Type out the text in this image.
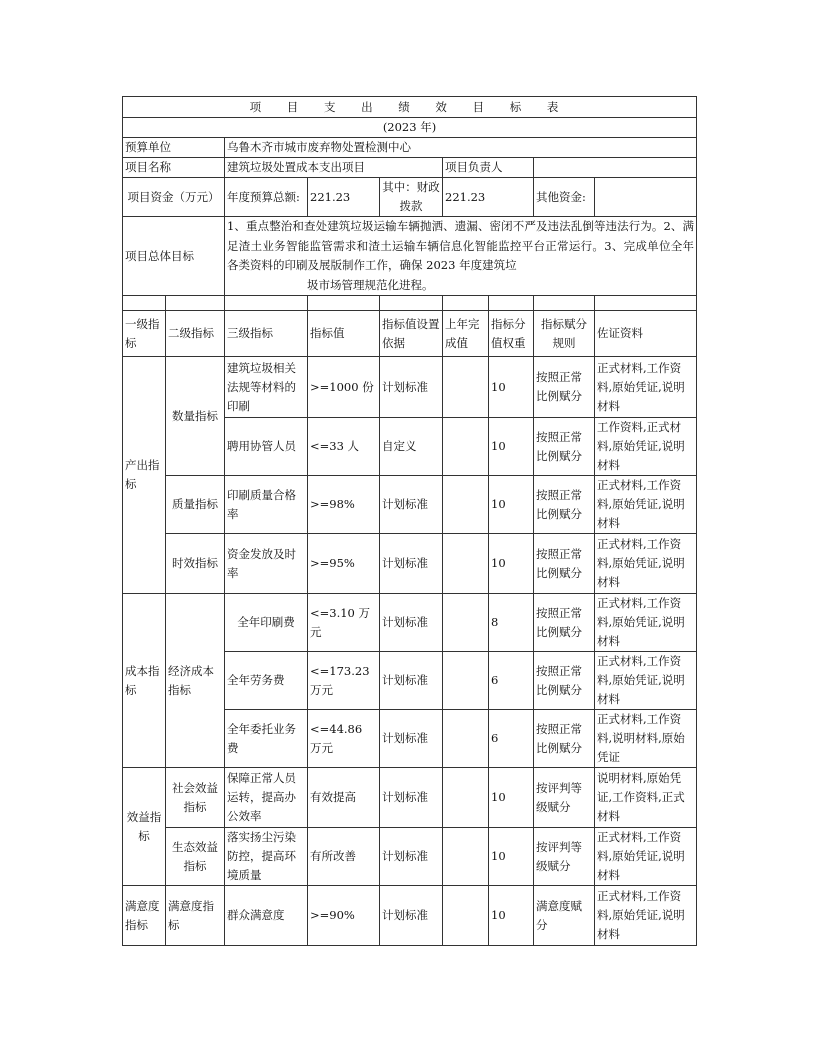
项 目 支 出 绩 效 目 标 表								
(2023 年)								
预算单位		乌鲁木齐市城市废弃物处置检测中心						
项目名称		建筑垃圾处置成本支出项目			项目负责人			
项目资金（万元）		年度预算总额:	221.23	其中：财政拨款	221.23		其他资金:	
项目总体目标		1、重点整治和查处建筑垃圾运输车辆抛洒、遗漏、密闭不严及违法乱倒等违法行为。2、满足渣土业务智能监管需求和渣土运输车辆信息化智能监控平台正常运行。3、完成单位全年各类资料的印刷及展版制作工作，确保 2023 年度建筑垃
圾市场管理规范化进程。						

一级指标	二级指标	三级指标	指标值	指标值设置依据	上年完成值	指标分值权重	指标赋分规则	佐证资料
产出指标	数量指标	建筑垃圾相关法规等材料的印刷	>=1000 份	计划标准		10	按照正常比例赋分	正式材料,工作资料,原始凭证,说明材料
		聘用协管人员	<=33 人	自定义		10	按照正常比例赋分	工作资料,正式材料,原始凭证,说明材料
	质量指标	印刷质量合格率	>=98%	计划标准		10	按照正常比例赋分	正式材料,工作资料,原始凭证,说明材料
	时效指标	资金发放及时率	>=95%	计划标准		10	按照正常比例赋分	正式材料,工作资料,原始凭证,说明材料
成本指标	经济成本指标	全年印刷费	<=3.10 万元	计划标准		8	按照正常比例赋分	正式材料,工作资料,原始凭证,说明材料
		全年劳务费	<=173.23 万元	计划标准		6	按照正常比例赋分	正式材料,工作资料,原始凭证,说明材料
		全年委托业务费	<=44.86 万元	计划标准		6	按照正常比例赋分	正式材料,工作资料,说明材料,原始凭证
效益指标	社会效益指标	保障正常人员运转，提高办公效率	有效提高	计划标准		10	按评判等级赋分	说明材料,原始凭证,工作资料,正式材料
	生态效益指标	落实扬尘污染防控，提高环境质量	有所改善	计划标准		10	按评判等级赋分	正式材料,工作资料,原始凭证,说明材料
满意度指标	满意度指标	群众满意度	>=90%	计划标准		10	满意度赋分	正式材料,工作资料,原始凭证,说明材料
